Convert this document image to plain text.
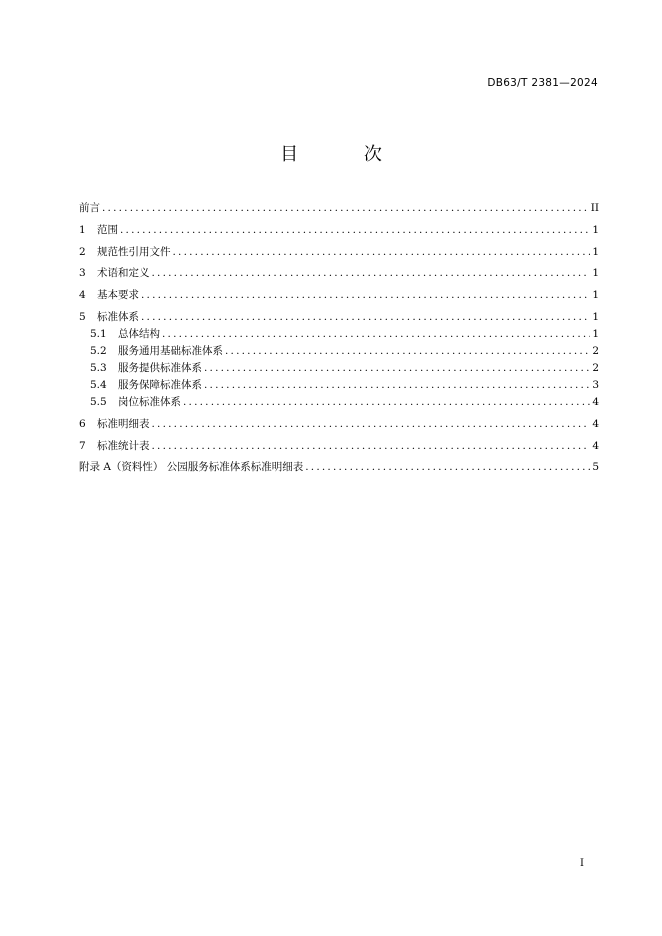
DB63/T 2381—2024
目 次
前言 .....	II
1	范围 .....	1
2	规范性引用文件 .....	1
3	术语和定义 .....	1
4	基本要求 .....	1
5	标准体系 .....	1
5.1	总体结构 .....	1
5.2	服务通用基础标准体系 .....	2
5.3	服务提供标准体系 .....	2
5.4	服务保障标准体系 .....	3
5.5	岗位标准体系 .....	4
6	标准明细表 .....	4
7	标准统计表 .....	4
附录 A（资料性） 公园服务标准体系标准明细表 .....	5
I
